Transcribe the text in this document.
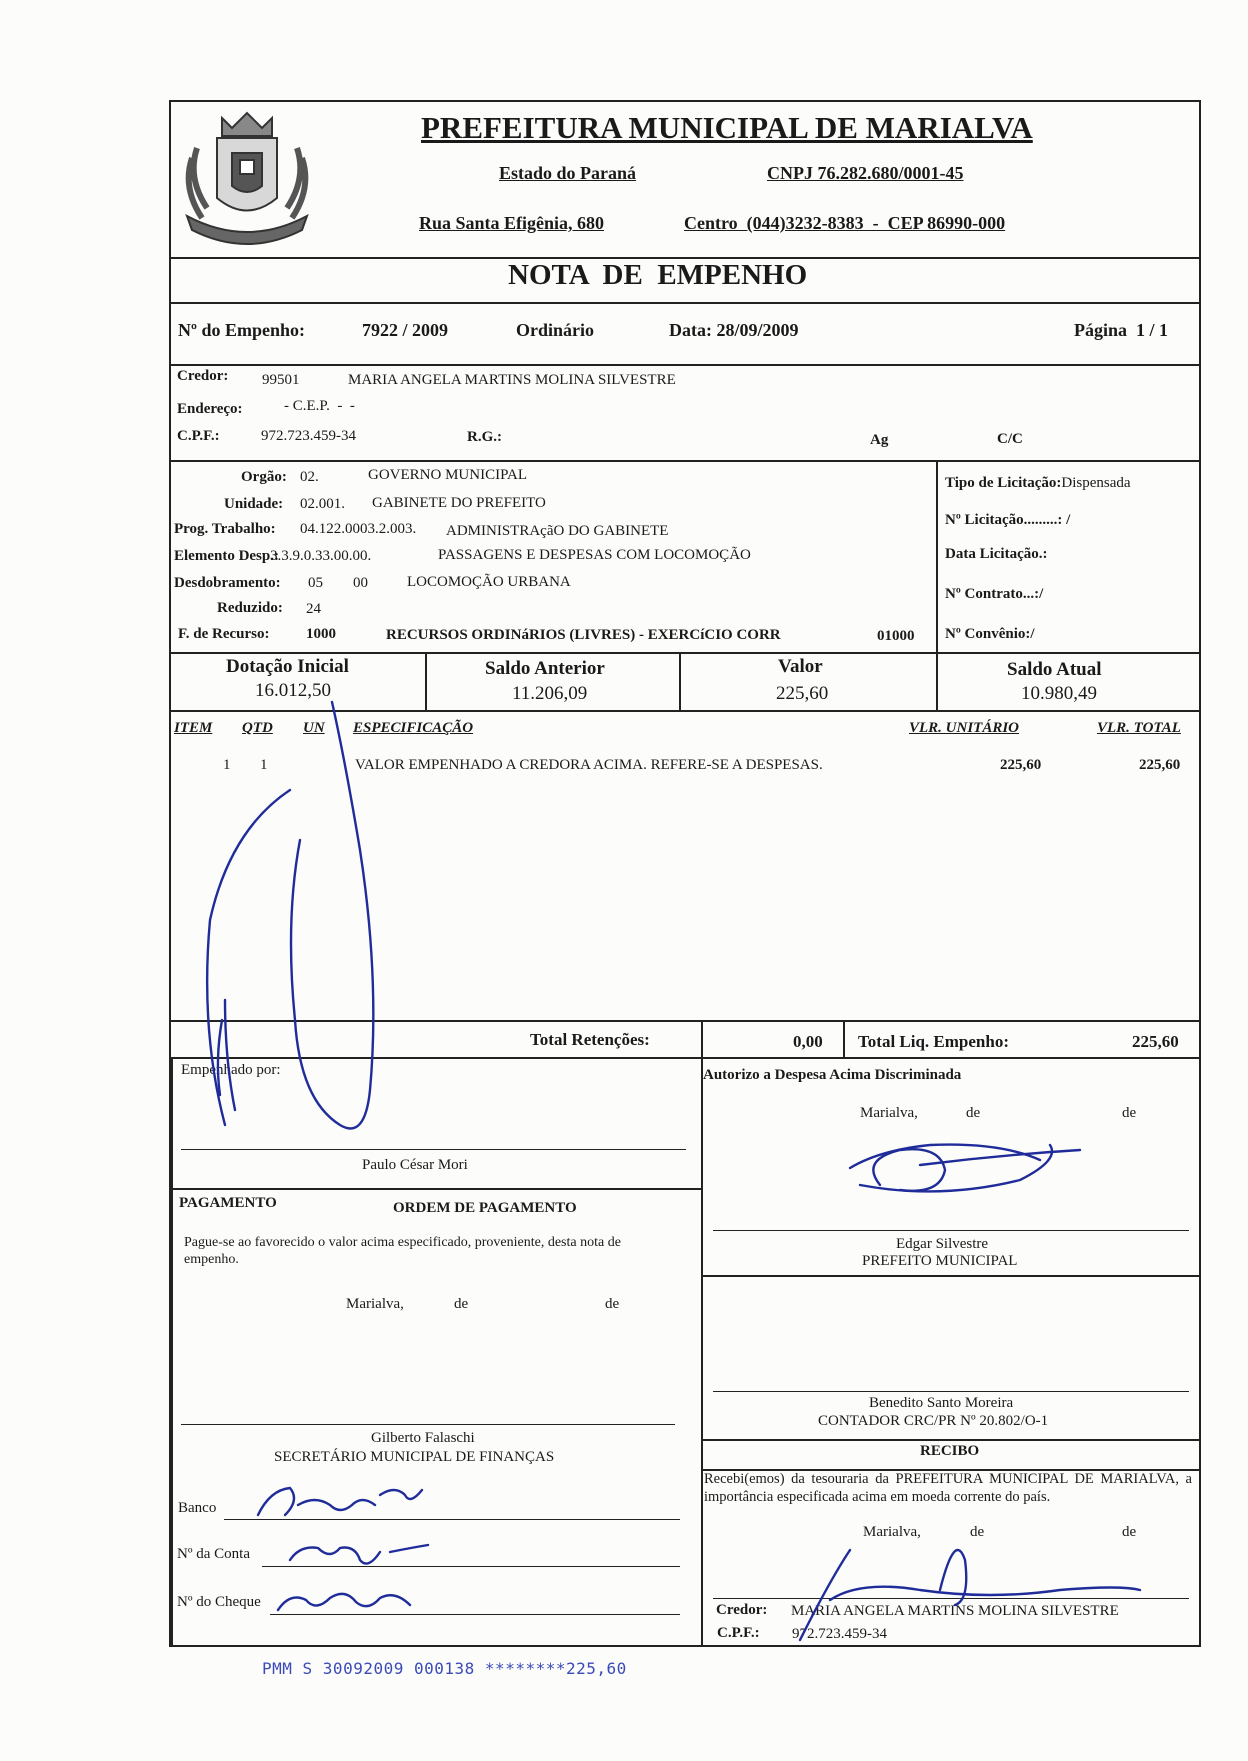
PREFEITURA MUNICIPAL DE MARIALVA
Estado do Paraná	CNPJ 76.282.680/0001-45
Rua Santa Efigênia, 680	Centro  (044)3232-8383  -  CEP 86990-000
NOTA  DE  EMPENHO
Nº do Empenho:	7922 / 2009	Ordinário	Data: 28/09/2009	Página  1 / 1
Credor: 99501	MARIA ANGELA MARTINS MOLINA SILVESTRE
Endereço:	- C.E.P.  -  -
C.P.F.:	972.723.459-34	R.G.:	Ag	C/C
Orgão: 02.	GOVERNO MUNICIPAL
Unidade: 02.001. GABINETE DO PREFEITO
Prog. Trabalho: 04.122.0003.2.003. ADMINISTRAçãO DO GABINETE
Elemento Desp.:
3.3.9.0.33.00.00.	PASSAGENS E DESPESAS COM LOCOMOÇÃO
Desdobramento: 05 00	LOCOMOÇÃO URBANA
Reduzido: 24
F. de Recurso: 1000	RECURSOS ORDINáRIOS (LIVRES) - EXERCíCIO CORR	01000
Tipo de Licitação:Dispensada
Nº Licitação.........: /
Data Licitação.:
Nº Contrato...:/
Nº Convênio:/
Dotação Inicial
16.012,50
Saldo Anterior
11.206,09
Valor
225,60
Saldo Atual
10.980,49
ITEM QTD UN ESPECIFICAÇÃO	VLR. UNITÁRIO	VLR. TOTAL
1 1	VALOR EMPENHADO A CREDORA ACIMA. REFERE-SE A DESPESAS.	225,60	225,60
Total Retenções:	0,00 Total Liq. Empenho:	225,60
Empenhado por:
Paulo César Mori
PAGAMENTO	ORDEM DE PAGAMENTO
Pague-se ao favorecido o valor acima especificado, proveniente, desta nota de empenho.
Marialva,	de	de
Gilberto Falaschi
SECRETÁRIO MUNICIPAL DE FINANÇAS
Banco
Nº da Conta
Nº do Cheque
Autorizo a Despesa Acima Discriminada
Marialva,	de	de
Edgar Silvestre
PREFEITO MUNICIPAL
Benedito Santo Moreira
CONTADOR CRC/PR Nº 20.802/O-1
RECIBO
Recebi(emos) da tesouraria da PREFEITURA MUNICIPAL DE MARIALVA, a importância especificada acima em moeda corrente do país.
Marialva,	de	de
Credor: MARIA ANGELA MARTINS MOLINA SILVESTRE
C.P.F.: 972.723.459-34
PMM S 30092009 000138 ********225,60
